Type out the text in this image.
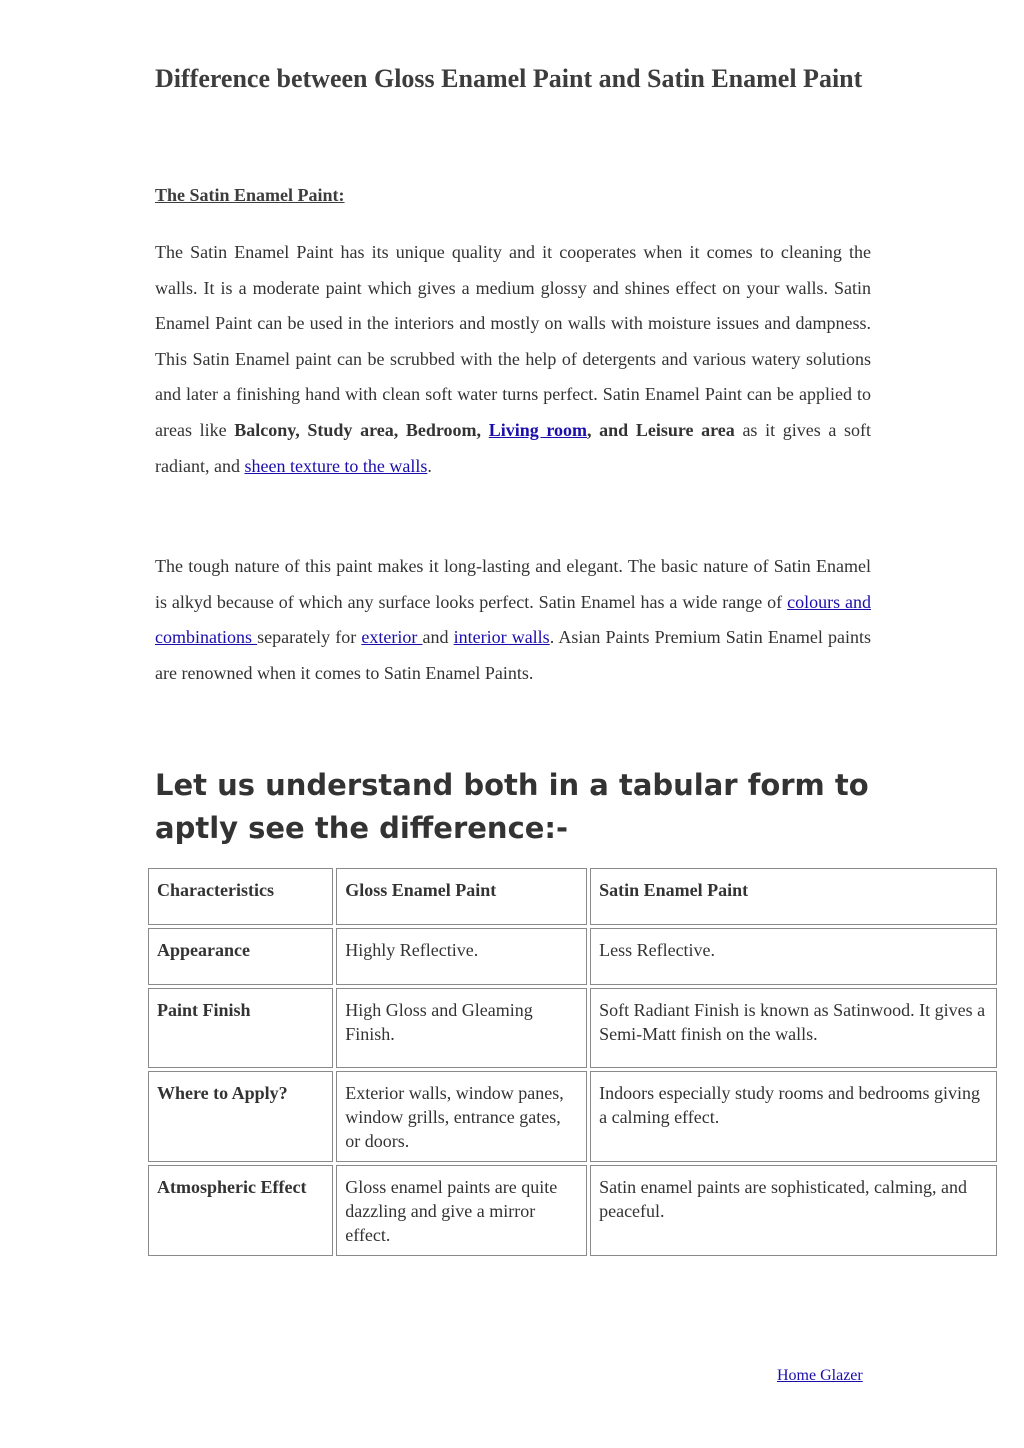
Difference between Gloss Enamel Paint and Satin Enamel Paint
The Satin Enamel Paint:

The Satin Enamel Paint has its unique quality and it cooperates when it comes to cleaning the walls. It is a moderate paint which gives a medium glossy and shines effect on your walls. Satin Enamel Paint can be used in the interiors and mostly on walls with moisture issues and dampness. This Satin Enamel paint can be scrubbed with the help of detergents and various watery solutions and later a finishing hand with clean soft water turns perfect. Satin Enamel Paint can be applied to areas like Balcony, Study area, Bedroom, Living room, and Leisure area as it gives a soft radiant, and sheen texture to the walls.

The tough nature of this paint makes it long-lasting and elegant. The basic nature of Satin Enamel is alkyd because of which any surface looks perfect. Satin Enamel has a wide range of colours and combinations separately for exterior and interior walls. Asian Paints Premium Satin Enamel paints are renowned when it comes to Satin Enamel Paints.

Let us understand both in a tabular form to aptly see the difference:-
Characteristics	Gloss Enamel Paint	Satin Enamel Paint
Appearance	Highly Reflective.	Less Reflective.
Paint Finish	High Gloss and Gleaming Finish.	Soft Radiant Finish is known as Satinwood. It gives a Semi-Matt finish on the walls.
Where to Apply?	Exterior walls, window panes, window grills, entrance gates, or doors.	Indoors especially study rooms and bedrooms giving a calming effect.
Atmospheric Effect	Gloss enamel paints are quite dazzling and give a mirror effect.	Satin enamel paints are sophisticated, calming, and peaceful.
Home Glazer
